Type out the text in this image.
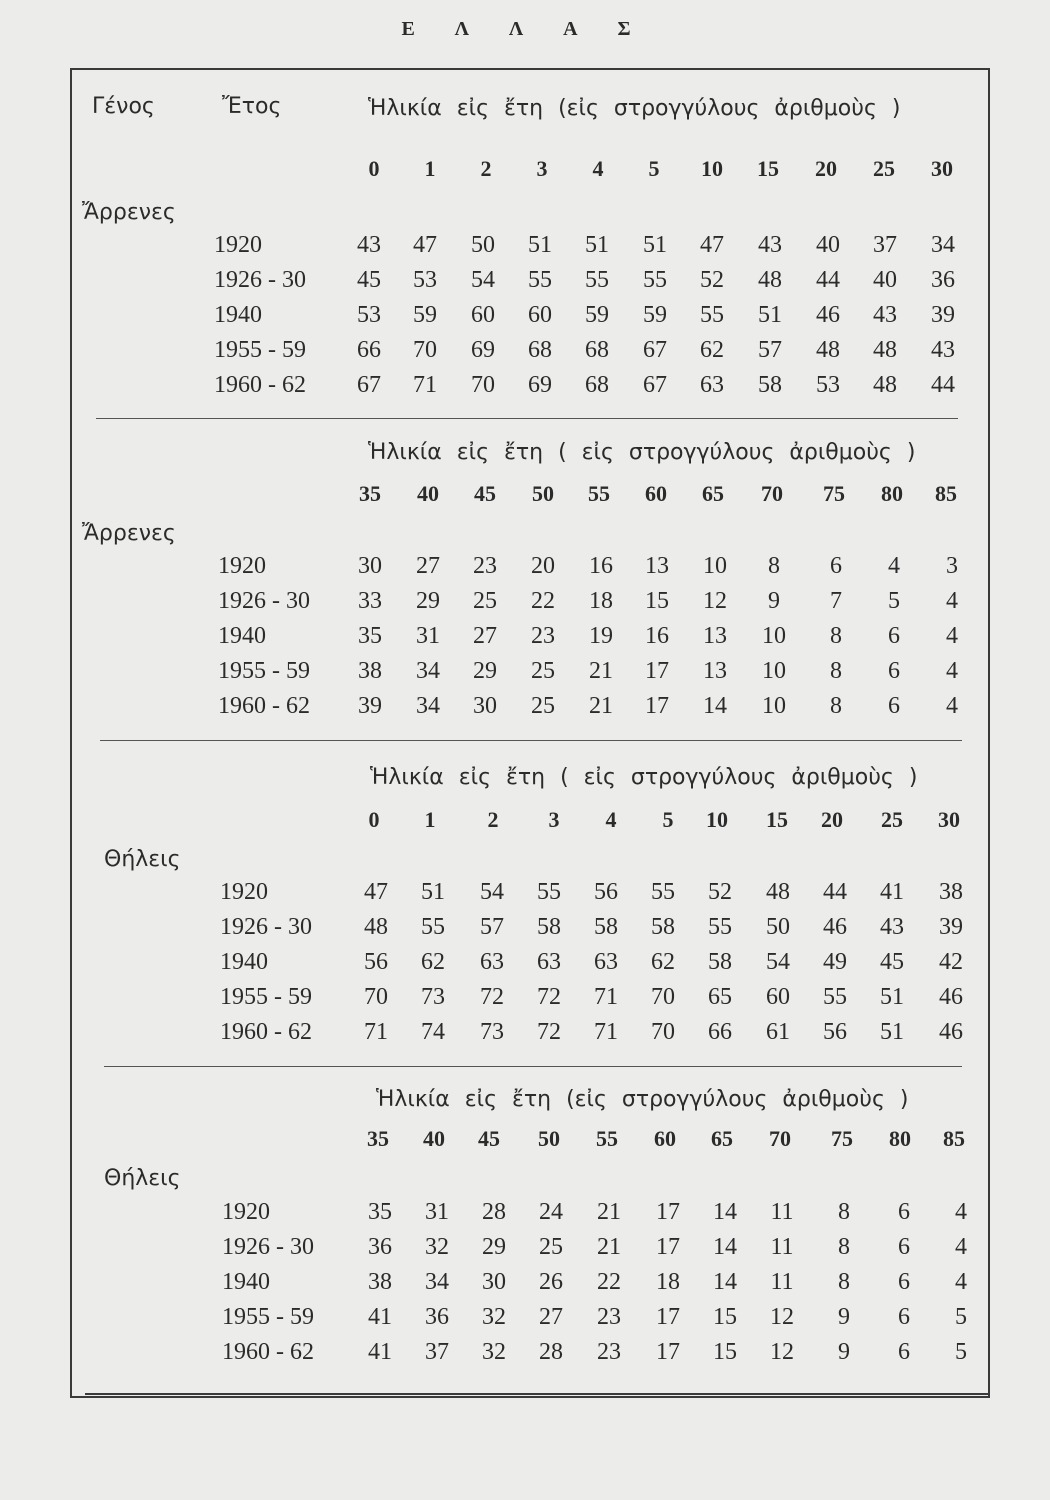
Ε Λ Λ Α Σ
Γένος	Ἔτος	Ἡλικία εἰς ἔτη (εἰς στρογγύλους ἀριθμοὺς )
0	1	2	3	4	5	10	15	20	25	30
Ἄρρενες
1920	43	47	50	51	51	51	47	43	40	37	34
1926 - 30	45	53	54	55	55	55	52	48	44	40	36
1940	53	59	60	60	59	59	55	51	46	43	39
1955 - 59	66	70	69	68	68	67	62	57	48	48	43
1960 - 62	67	71	70	69	68	67	63	58	53	48	44
Ἡλικία εἰς ἔτη ( εἰς στρογγύλους ἀριθμοὺς )
35	40	45	50	55	60	65	70	75	80	85
Ἄρρενες
1920	30	27	23	20	16	13	10	8	6	4	3
1926 - 30	33	29	25	22	18	15	12	9	7	5	4
1940	35	31	27	23	19	16	13	10	8	6	4
1955 - 59	38	34	29	25	21	17	13	10	8	6	4
1960 - 62	39	34	30	25	21	17	14	10	8	6	4
Ἡλικία εἰς ἔτη ( εἰς στρογγύλους ἀριθμοὺς )
0	1	2	3	4	5	10	15	20	25	30
Θήλεις
1920	47	51	54	55	56	55	52	48	44	41	38
1926 - 30	48	55	57	58	58	58	55	50	46	43	39
1940	56	62	63	63	63	62	58	54	49	45	42
1955 - 59	70	73	72	72	71	70	65	60	55	51	46
1960 - 62	71	74	73	72	71	70	66	61	56	51	46
Ἡλικία εἰς ἔτη (εἰς στρογγύλους ἀριθμοὺς )
35	40	45	50	55	60	65	70	75	80	85
Θήλεις
1920	35	31	28	24	21	17	14	11	8	6	4
1926 - 30	36	32	29	25	21	17	14	11	8	6	4
1940	38	34	30	26	22	18	14	11	8	6	4
1955 - 59	41	36	32	27	23	17	15	12	9	6	5
1960 - 62	41	37	32	28	23	17	15	12	9	6	5
